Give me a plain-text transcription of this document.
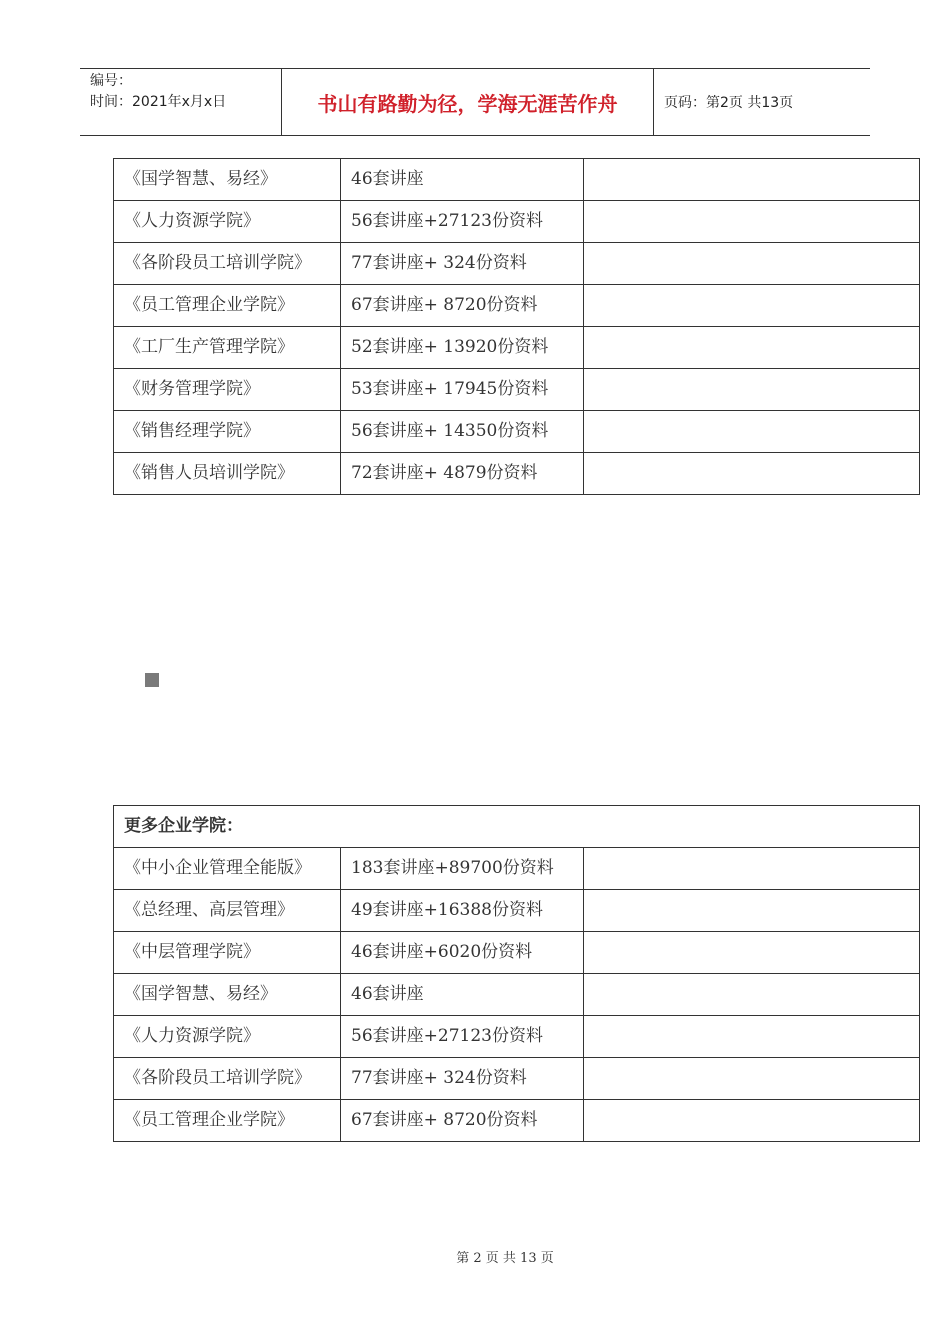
编号：
时间：2021年x月x日	书山有路勤为径，学海无涯苦作舟	页码：第2页 共13页
《国学智慧、易经》	46套讲座	
《人力资源学院》	56套讲座+27123份资料	
《各阶段员工培训学院》	77套讲座+ 324份资料	
《员工管理企业学院》	67套讲座+ 8720份资料	
《工厂生产管理学院》	52套讲座+ 13920份资料	
《财务管理学院》	53套讲座+ 17945份资料	
《销售经理学院》	56套讲座+ 14350份资料	
《销售人员培训学院》	72套讲座+ 4879份资料	
更多企业学院：		
《中小企业管理全能版》	183套讲座+89700份资料	
《总经理、高层管理》	49套讲座+16388份资料	
《中层管理学院》	46套讲座+6020份资料	
《国学智慧、易经》	46套讲座	
《人力资源学院》	56套讲座+27123份资料	
《各阶段员工培训学院》	77套讲座+ 324份资料	
《员工管理企业学院》	67套讲座+ 8720份资料	
第 2 页 共 13 页
